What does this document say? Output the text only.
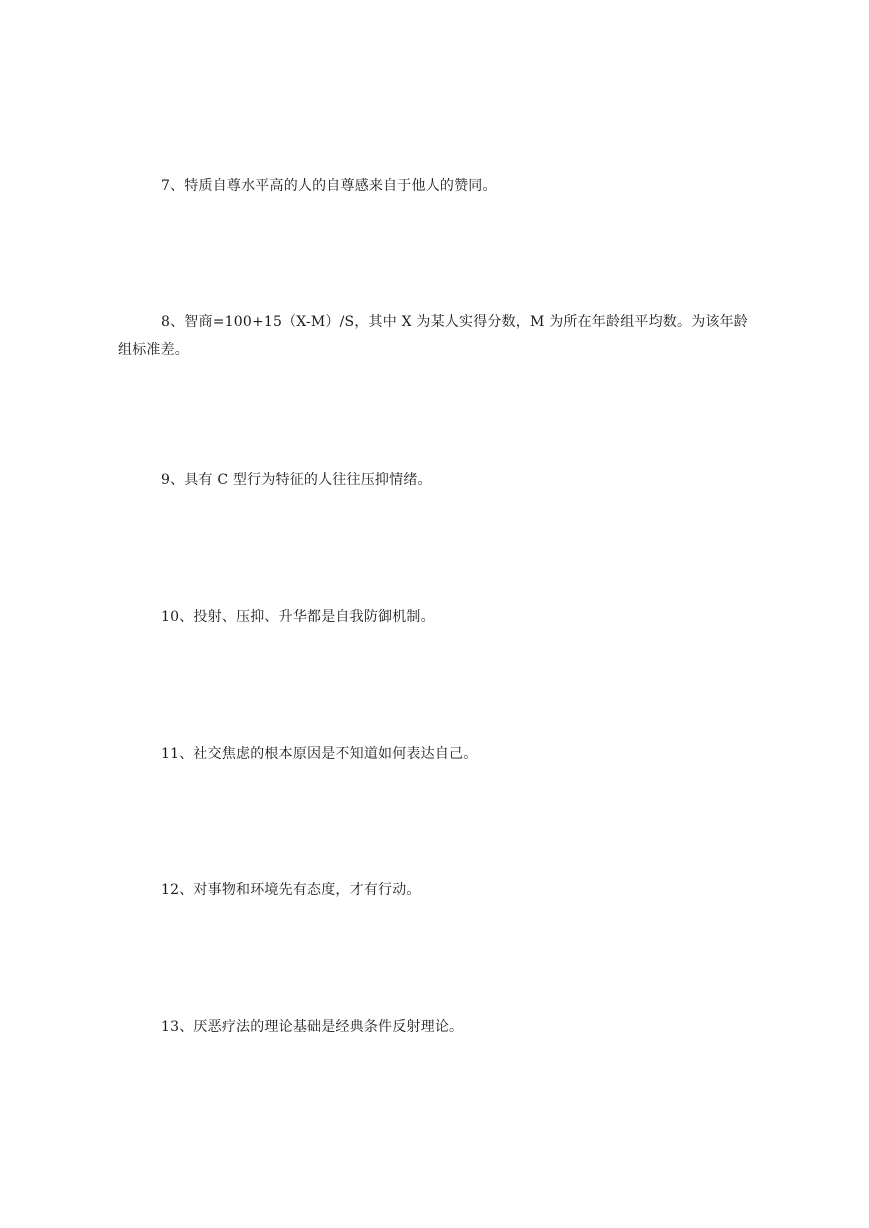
7、特质自尊水平高的人的自尊感来自于他人的赞同。

8、智商=100+15（X-M）/S，其中 X 为某人实得分数，M 为所在年龄组平均数。为该年龄组标准差。

9、具有 C 型行为特征的人往往压抑情绪。

10、投射、压抑、升华都是自我防御机制。

11、社交焦虑的根本原因是不知道如何表达自己。

12、对事物和环境先有态度，才有行动。

13、厌恶疗法的理论基础是经典条件反射理论。
